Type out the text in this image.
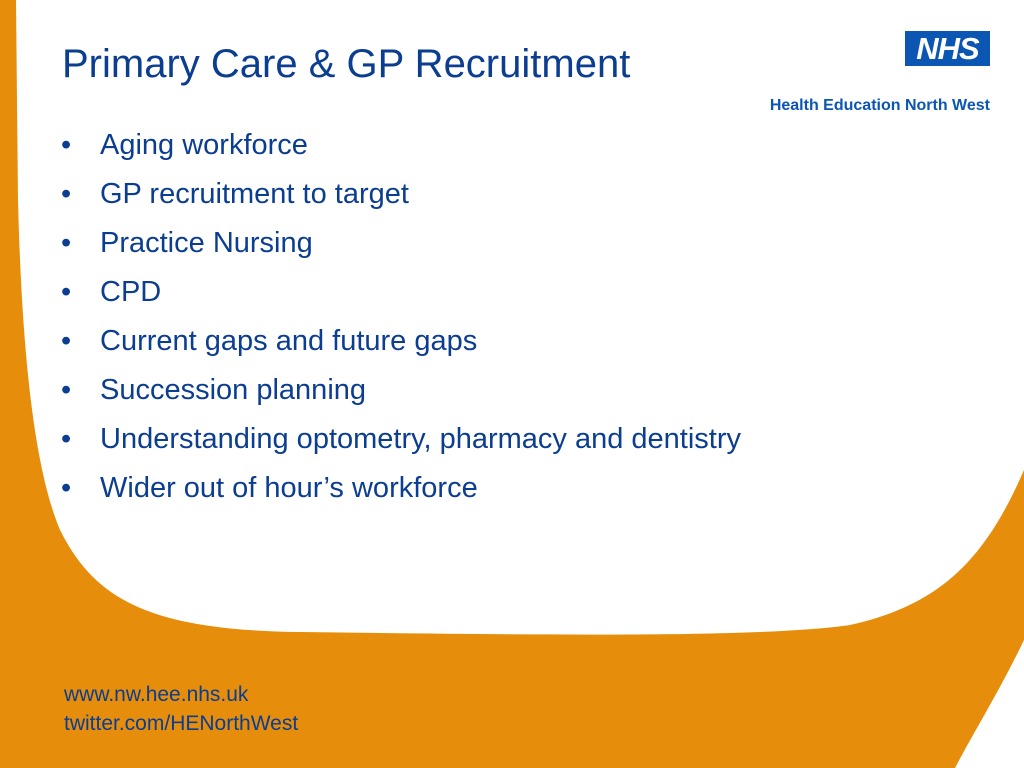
Primary Care & GP Recruitment
• Aging workforce
• GP recruitment to target
• Practice Nursing
• CPD
• Current gaps and future gaps
• Succession planning
• Understanding optometry, pharmacy and dentistry
• Wider out of hour’s workforce
NHS
Health Education North West
www.nw.hee.nhs.uk
twitter.com/HENorthWest
